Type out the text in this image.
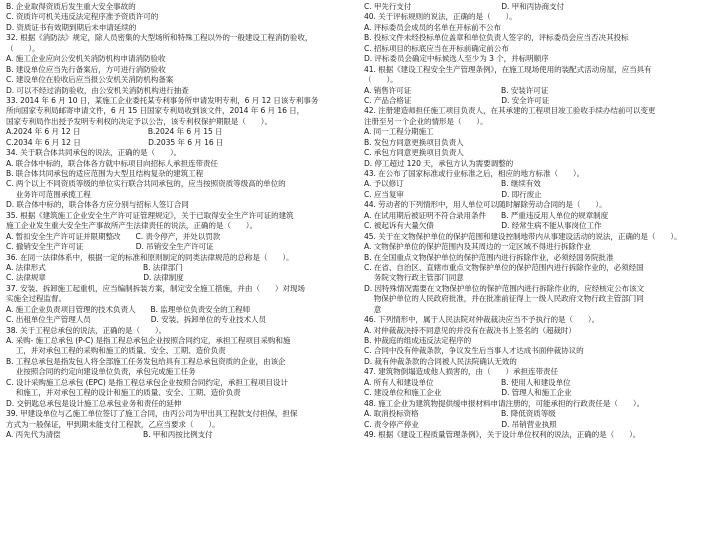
B. 企业取得资质后发生重大安全事故的
C. 资质许可机关违反法定程序准予资质许可的
D. 资质证书有效期到期后未申请延续的
32. 根据《消防法》规定，除人员密集的大型场所和特殊工程以外的一般建设工程消防验收，
（　　）。
A. 施工企业应向公安机关消防机构申请消防验收
B. 建设单位应当先行备案后，方可进行消防验收
C. 建设单位在验收后应当报公安机关消防机构备案
D. 可以不经过消防验收，由公安机关消防机构进行抽查
33. 2014 年 6 月 10 日，某施工企业委托某专利事务所申请发明专利，6 月 12 日该专利事务
所向国家专利局邮寄申请文件，6 月 15 日国家专利局收到该文件，2014 年 6 月 16 日，
国家专利局作出授予发明专利权的决定予以公告，该专利权保护期限是（　　）。
A.2024 年 6 月 12 日　　　　　　　　　B.2024 年 6 月 15 日
C.2034 年 6 月 12 日　　　　　　　　　D.2035 年 6 月 16 日
34. 关于联合体共同承包的说法，正确的是（　　）。
A. 联合体中标的，联合体各方就中标项目向招标人承担连带责任
B. 联合体共同承包的适应范围为大型且结构复杂的建筑工程
C. 两个以上不同资质等级的单位实行联合共同承包的，应当按照资质等级高的单位的
　 业务许可范围承揽工程
D. 联合体中标的，联合体各方应分别与招标人签订合同
35. 根据《建筑施工企业安全生产许可证管理规定》，关于已取得安全生产许可证的建筑
施工企业发生重大安全生产事故所产生法律责任的说法，正确的是（　　）。
A. 暂扣安全生产许可证并限期整改　　C. 责令停产，并处以罚款
C. 撤销安全生产许可证　　　　　　　D. 吊销安全生产许可证
36. 在同一法律体系中，根据一定的标准和原则制定的同类法律规范的总称是（　　）。
A. 法律形式　　　　　　　　　　　　　B. 法律部门
C. 法律规章　　　　　　　　　　　　　D. 法律制度
37. 安装、拆卸施工起重机，应当编制拆装方案，制定安全施工措施，并由（　　）对现场
实施全过程监督。
A. 施工企业负责项目管理的技术负责人　　B. 监理单位负责安全的工程师
C. 出租单位生产管理人员　　　　　　　　D. 安装、拆卸单位的专业技术人员
38. 关于工程总承包的说法，正确的是（　　）。
A. 采购- 施工总承包 (P-C) 是指工程总承包企业按照合同约定，承担工程项目采购和施
　 工，并对承包工程的采购和施工的质量、安全、工期、造价负责
B. 工程总承包是指发包人将全部施工任务发包给具有工程总承包资质的企业，由该企
　 业按照合同的约定向建设单位负责，承包完成施工任务
C. 设计采购施工总承包 (EPC) 是指工程总承包企业按照合同约定，承担工程项目设计
　 和施工，并对承包工程的设计和施工的质量、安全、工期、造价负责
D. 交钥匙总承包是设计施工总承包业务和责任的延伸
39. 甲建设单位与乙施工单位签订了施工合同，由丙公司为甲出具工程款支付担保，担保
方式为一般保证，甲到期未能支付工程款，乙应当要求（　　）。
A. 丙先代为清偿　　　　　　　　　　　B. 甲和丙按比例支付
C. 甲先行支付　　　　　　　　　　　　D. 甲和丙协商支付
40. 关于评标规则的说法，正确的是（　　）。
A. 评标委员会成员的名单在开标前不公布
B. 投标文件未经投标单位盖章和单位负责人签字的，评标委员会应当否决其投标
C. 招标项目的标底应当在开标前确定前公布
D. 评标委员会确定中标候选人至少为 3 个，并标明顺序
41. 根据《建设工程安全生产管理条例》，在施工现场使用的装配式活动房屋，应当具有
（　　）。
A. 销售许可证　　　　　　　　　　　　B. 安装许可证
C. 产品合格证　　　　　　　　　　　　D. 安全许可证
42. 注册建造师担任施工项目负责人，在其承建的工程项目竣工验收手续办结前可以变更
注册至另一个企业的情形是（　　）。
A. 同一工程分期施工
B. 发包方同意更换项目负责人
C. 承包方同意更换项目负责人
D. 停工超过 120 天，承包方认为需要调整的
43. 在公布了国家标准或行业标准之后，相应的地方标准（　　）。
A. 予以修订　　　　　　　　　　　　　B. 继续有效
C. 应当复审　　　　　　　　　　　　　D. 即行废止
44. 劳动者的下列情形中，用人单位可以随时解除劳动合同的是（　　）。
A. 在试用期后被证明不符合录用条件　　B. 严重违反用人单位的规章制度
C. 被起诉有大量欠债　　　　　　　　　D. 经常生病不能从事岗位工作
45. 关于在文物保护单位的保护范围和建设控制地带内从事建设活动的说法，正确的是（　　）。
A. 文物保护单位的保护范围内及其周边的一定区域不得进行拆除作业
B. 在全国重点文物保护单位的保护范围内进行拆除作业，必须经国务院批准
C. 在省、自治区、直辖市重点文物保护单位的保护范围内进行拆除作业的，必须经国
　 务院文物行政主管部门同意
D. 因特殊情况需要在文物保护单位的保护范围内进行拆除作业的，应经核定公布该文
　 物保护单位的人民政府批准，并在批准前征得上一级人民政府文物行政主管部门同
　 意
46. 下列情形中，属于人民法院对仲裁裁决应当不予执行的是（　　）。
A. 对仲裁裁决持不同意见的并没有在裁决书上签名的（超裁时）
B. 仲裁庭的组成违反法定程序的
C. 合同中没有仲裁条款，争议发生后当事人才达成书面仲裁协议的
D. 裁有仲裁条款的合同被人民法院确认无效的
47. 建筑物倒塌造成他人损害的，由（　　）承担连带责任
A. 所有人和建设单位　　　　　　　　　B. 使用人和建设单位
C. 建设单位和施工企业　　　　　　　　D. 管理人和施工企业
48. 施工企业为建筑物提供缓申报材料申请注册的，可能承担的行政责任是（　　）。
A. 取消投标资格　　　　　　　　　　　B. 降低资质等级
C. 责令停产停业　　　　　　　　　　　D. 吊销营业执照
49. 根据《建设工程质量管理条例》，关于设计单位权利的说法，正确的是（　　）。
